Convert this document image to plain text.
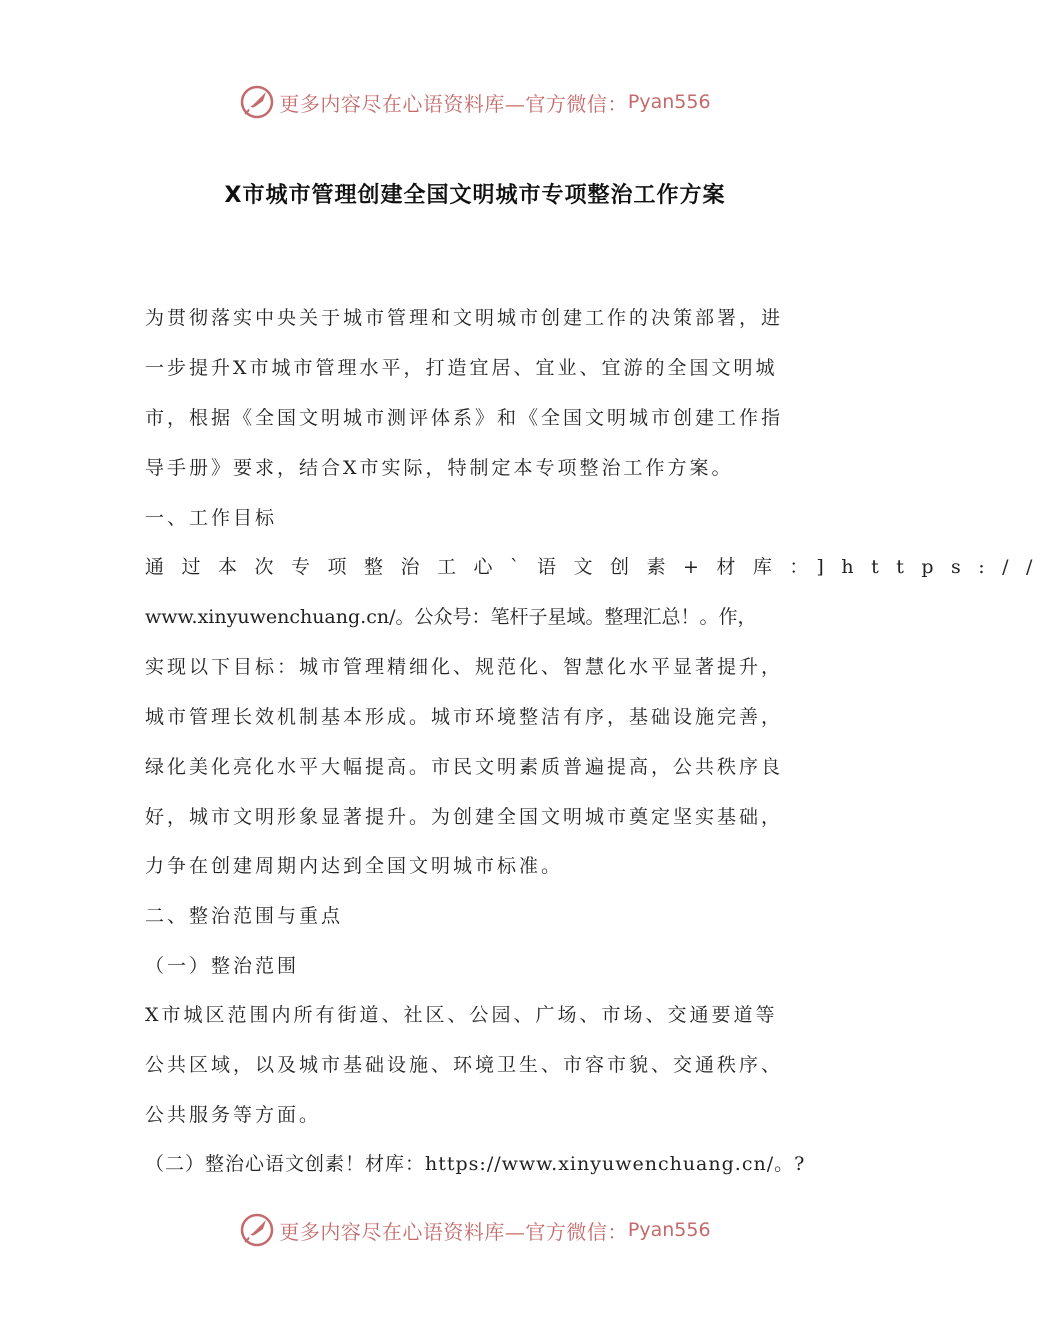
更多内容尽在心语资料库—官方微信： Pyan556
X市城市管理创建全国文明城市专项整治工作方案

为贯彻落实中央关于城市管理和文明城市创建工作的决策部署，进

一步提升X市城市管理水平，打造宜居、宜业、宜游的全国文明城

市，根据《全国文明城市测评体系》和《全国文明城市创建工作指

导手册》要求，结合X市实际，特制定本专项整治工作方案。

一、工作目标

通过本次专项整治工心`语文创素+材库：]https://

www.xinyuwenchuang.cn/。公众号：笔杆子星域。整理汇总！。作，

实现以下目标：城市管理精细化、规范化、智慧化水平显著提升，

城市管理长效机制基本形成。城市环境整洁有序，基础设施完善，

绿化美化亮化水平大幅提高。市民文明素质普遍提高，公共秩序良

好，城市文明形象显著提升。为创建全国文明城市奠定坚实基础，

力争在创建周期内达到全国文明城市标准。

二、整治范围与重点

（一）整治范围

X市城区范围内所有街道、社区、公园、广场、市场、交通要道等

公共区域，以及城市基础设施、环境卫生、市容市貌、交通秩序、

公共服务等方面。

（二）整治心语文创素！材库：https://www.xinyuwenchuang.cn/。?

更多内容尽在心语资料库—官方微信： Pyan556
